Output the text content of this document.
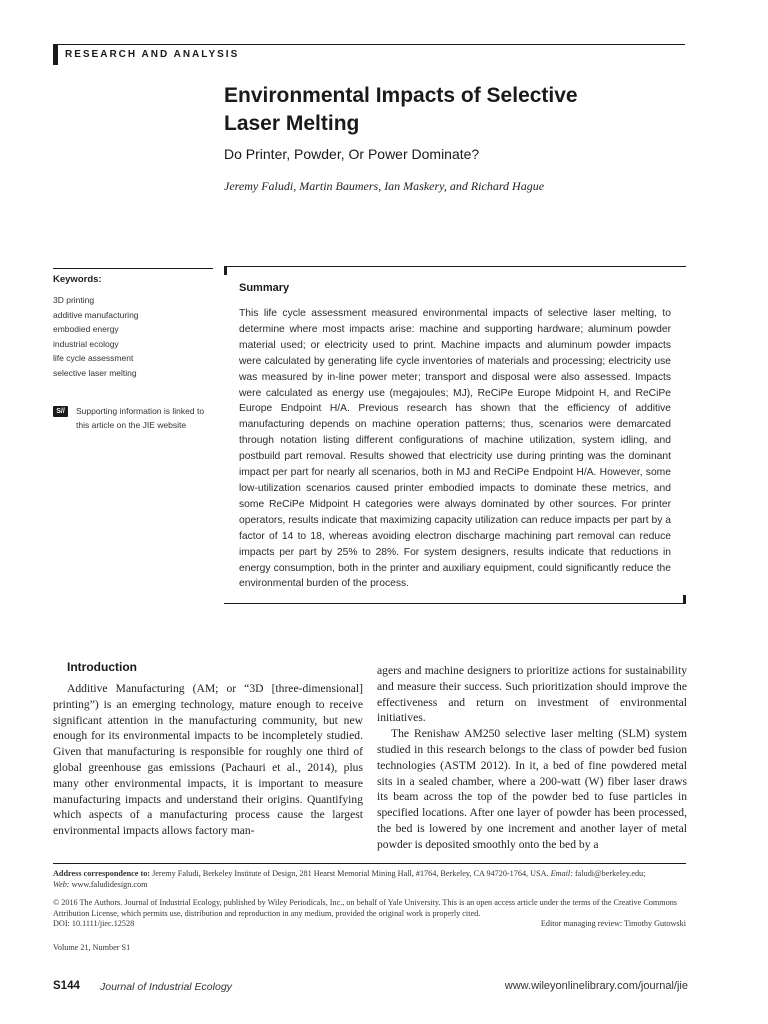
RESEARCH AND ANALYSIS
Environmental Impacts of Selective
Laser Melting
Do Printer, Powder, Or Power Dominate?
Jeremy Faludi, Martin Baumers, Ian Maskery, and Richard Hague
Keywords:
3D printing
additive manufacturing
embodied energy
industrial ecology
life cycle assessment
selective laser melting
S//	Supporting information is linked to this article on the JIE website
Summary
This life cycle assessment measured environmental impacts of selective laser melting, to determine where most impacts arise: machine and supporting hardware; aluminum powder material used; or electricity used to print. Machine impacts and aluminum powder impacts were calculated by generating life cycle inventories of materials and processing; electricity use was measured by in-line power meter; transport and disposal were also assessed. Impacts were calculated as energy use (megajoules; MJ), ReCiPe Europe Midpoint H, and ReCiPe Europe Endpoint H/A. Previous research has shown that the efficiency of additive manufacturing depends on machine operation patterns; thus, scenarios were demarcated through notation listing different configurations of machine utilization, system idling, and postbuild part removal. Results showed that electricity use during printing was the dominant impact per part for nearly all scenarios, both in MJ and ReCiPe Endpoint H/A. However, some low-utilization scenarios caused printer embodied impacts to dominate these metrics, and some ReCiPe Midpoint H categories were always dominated by other sources. For printer operators, results indicate that maximizing capacity utilization can reduce impacts per part by a factor of 14 to 18, whereas avoiding electron discharge machining part removal can reduce impacts per part by 25% to 28%. For system designers, results indicate that reductions in energy consumption, both in the printer and auxiliary equipment, could significantly reduce the environmental burden of the process.
Introduction

Additive Manufacturing (AM; or “3D [three-dimensional] printing”) is an emerging technology, mature enough to receive significant attention in the manufacturing community, but new enough for its environmental impacts to be incompletely studied. Given that manufacturing is responsible for roughly one third of global greenhouse gas emissions (Pachauri et al., 2014), plus many other environmental impacts, it is important to measure manufacturing impacts and understand their origins. Quantifying which aspects of a manufacturing process cause the largest environmental impacts allows factory man-

agers and machine designers to prioritize actions for sustainability and measure their success. Such prioritization should improve the effectiveness and return on investment of environmental initiatives.

The Renishaw AM250 selective laser melting (SLM) system studied in this research belongs to the class of powder bed fusion technologies (ASTM 2012). In it, a bed of fine powdered metal sits in a sealed chamber, where a 200-watt (W) fiber laser draws its beam across the top of the powder bed to fuse particles in specified locations. After one layer of powder has been processed, the bed is lowered by one increment and another layer of metal powder is deposited smoothly onto the bed by a

Address correspondence to: Jeremy Faludi, Berkeley Institute of Design, 281 Hearst Memorial Mining Hall, #1764, Berkeley, CA 94720-1764, USA. Email: faludi@berkeley.edu;
Web: www.faludidesign.com
© 2016 The Authors. Journal of Industrial Ecology, published by Wiley Periodicals, Inc., on behalf of Yale University. This is an open access article under the terms of the Creative Commons Attribution License, which permits use, distribution and reproduction in any medium, provided the original work is properly cited.
DOI: 10.1111/jiec.12528	Editor managing review: Timothy Gutowski
Volume 21, Number S1
S144 Journal of Industrial Ecology	www.wileyonlinelibrary.com/journal/jie
